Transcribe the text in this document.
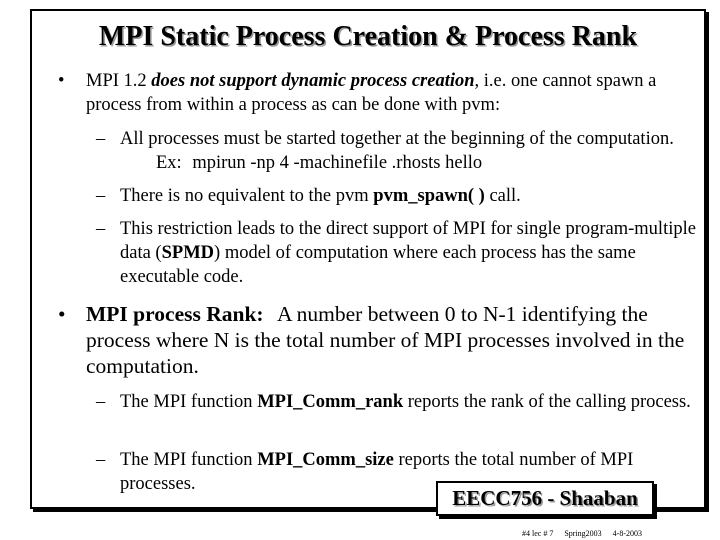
MPI Static Process Creation & Process Rank
• MPI 1.2 does not support dynamic process creation, i.e. one cannot spawn a process from within a process as can be done with pvm:
– All processes must be started together at the beginning of the computation. Ex: mpirun -np 4 -machinefile .rhosts hello
– There is no equivalent to the pvm pvm_spawn( ) call.
– This restriction leads to the direct support of MPI for single program-multiple data (SPMD) model of computation where each process has the same executable code.
• MPI process Rank: A number between 0 to N-1 identifying the process where N is the total number of MPI processes involved in the computation.
– The MPI function MPI_Comm_rank reports the rank of the calling process.
– The MPI function MPI_Comm_size reports the total number of MPI processes.
EECC756 - Shaaban
#4 lec # 7 Spring2003 4-8-2003
